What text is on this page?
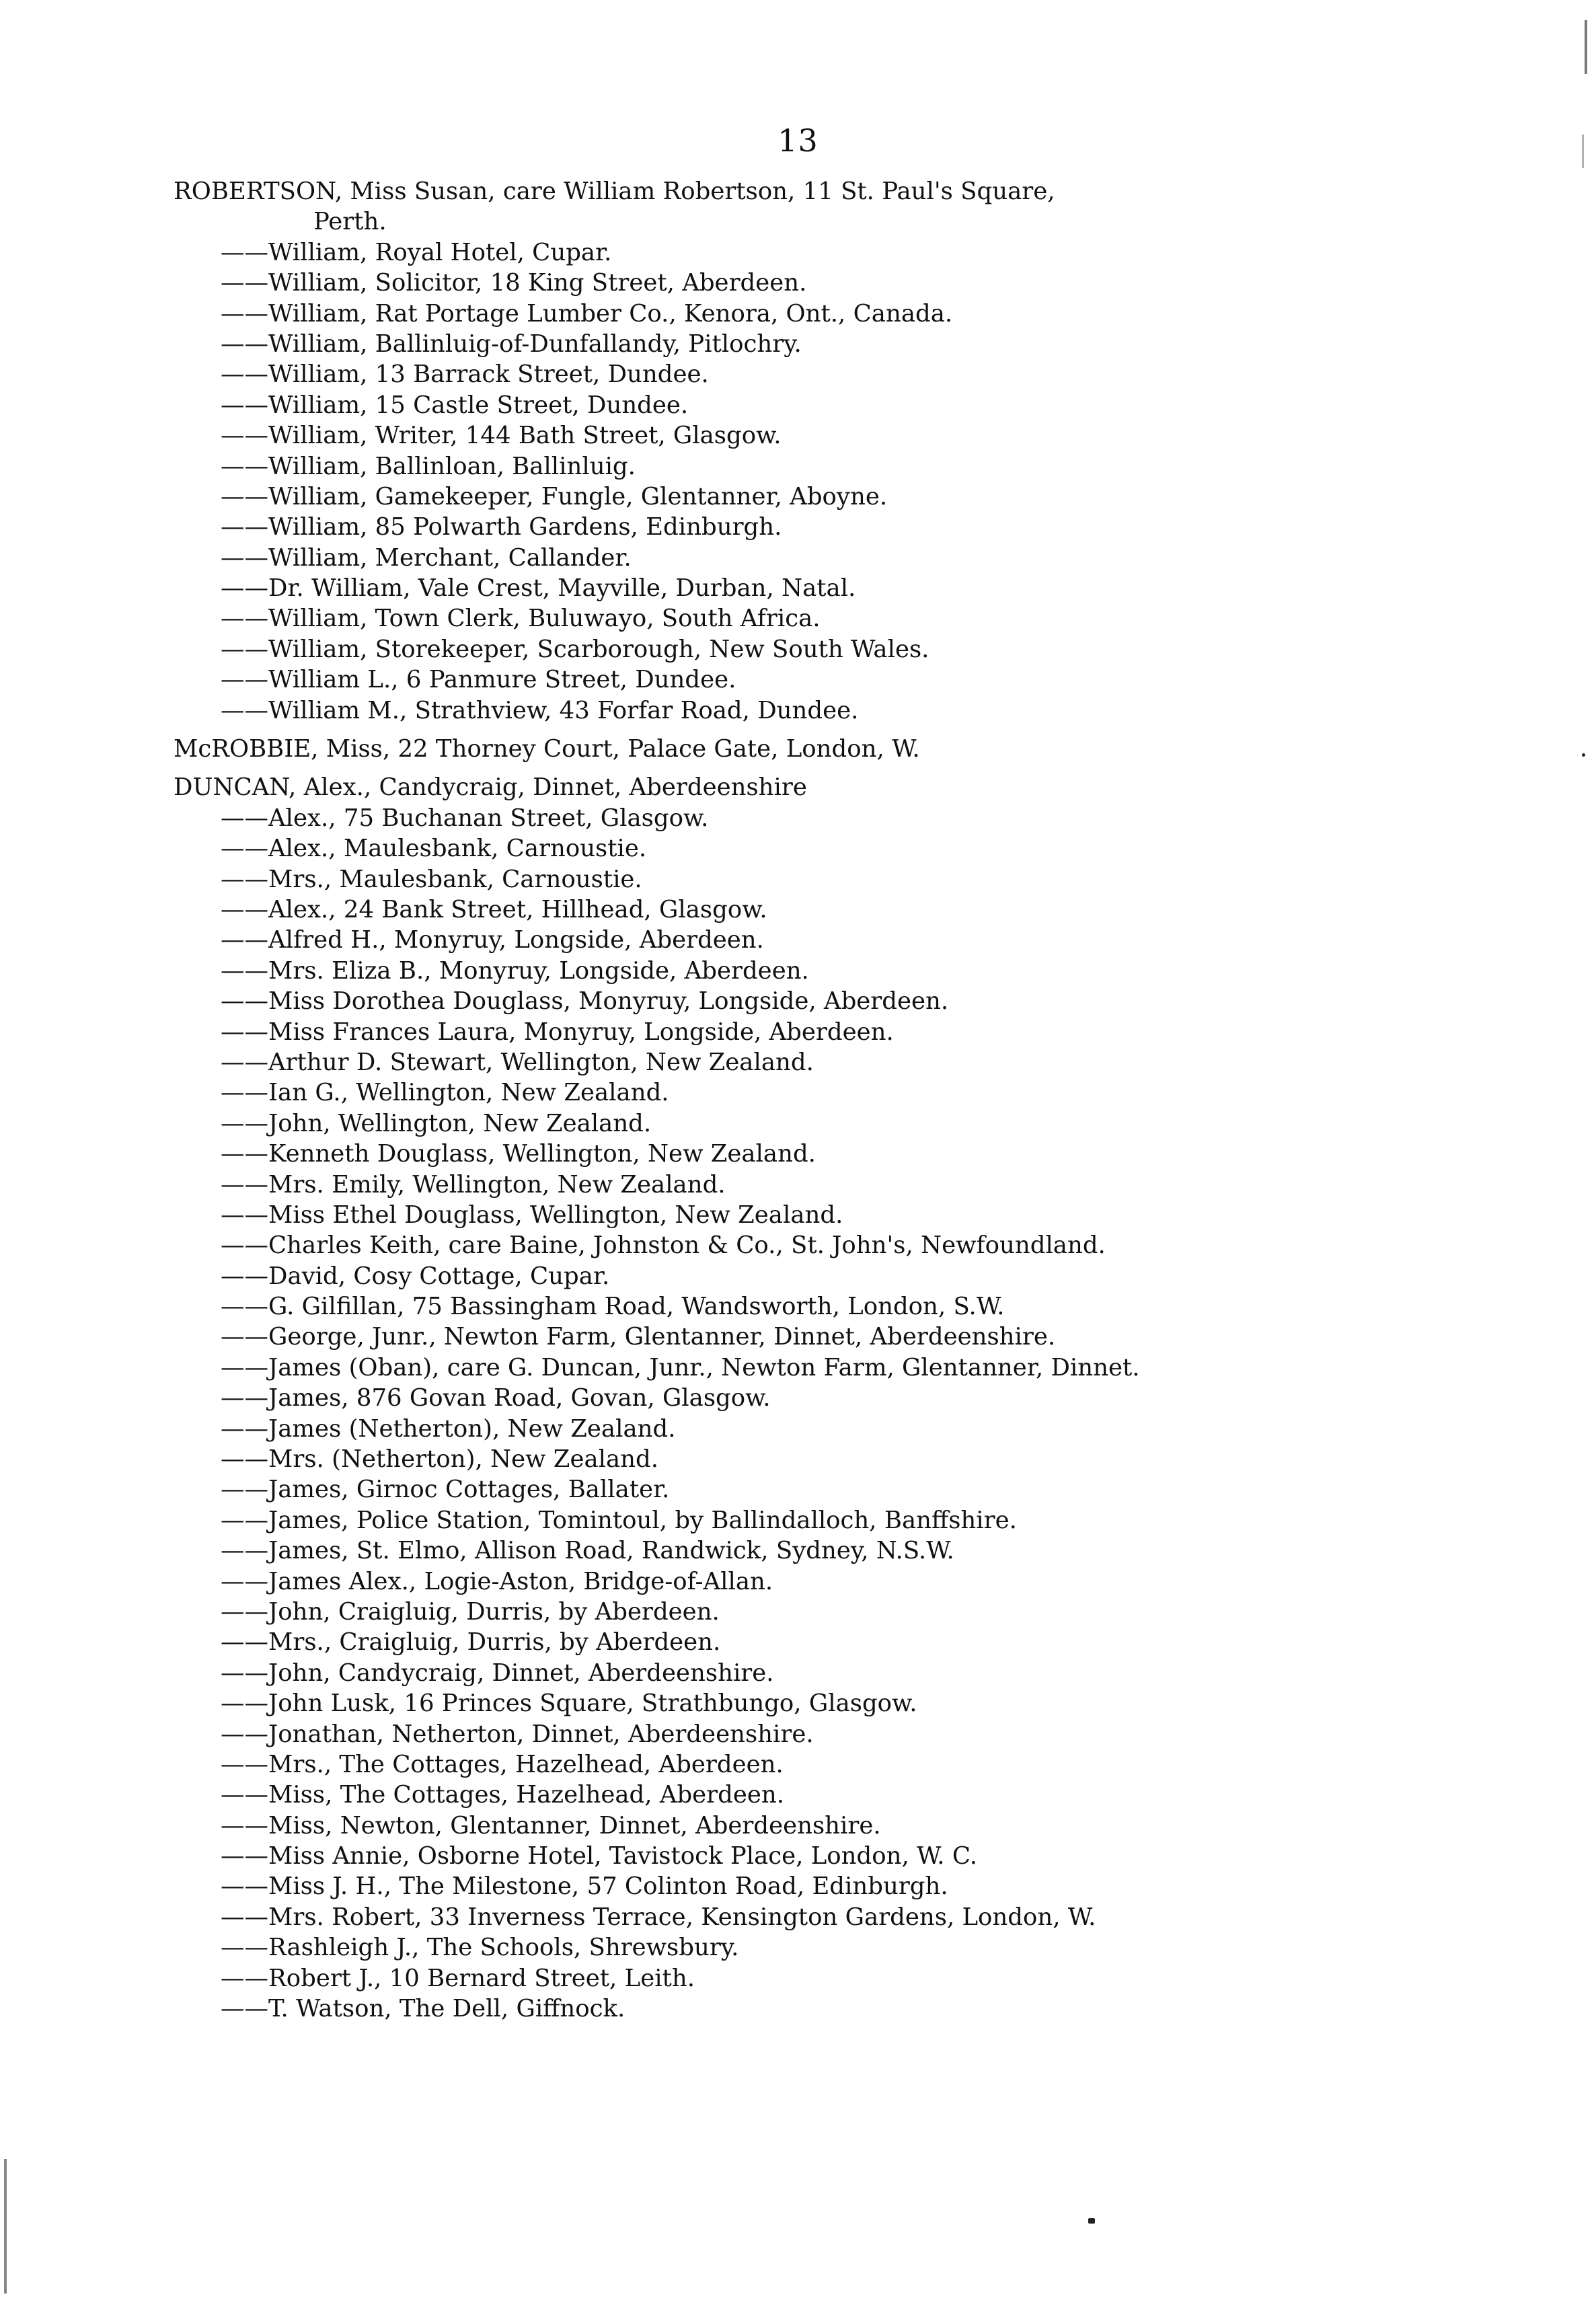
13
ROBERTSON, Miss Susan, care William Robertson, 11 St. Paul's Square,
Perth.
——William, Royal Hotel, Cupar.
——William, Solicitor, 18 King Street, Aberdeen.
——William, Rat Portage Lumber Co., Kenora, Ont., Canada.
——William, Ballinluig-of-Dunfallandy, Pitlochry.
——William, 13 Barrack Street, Dundee.
——William, 15 Castle Street, Dundee.
——William, Writer, 144 Bath Street, Glasgow.
——William, Ballinloan, Ballinluig.
——William, Gamekeeper, Fungle, Glentanner, Aboyne.
——William, 85 Polwarth Gardens, Edinburgh.
——William, Merchant, Callander.
——Dr. William, Vale Crest, Mayville, Durban, Natal.
——William, Town Clerk, Buluwayo, South Africa.
——William, Storekeeper, Scarborough, New South Wales.
——William L., 6 Panmure Street, Dundee.
——William M., Strathview, 43 Forfar Road, Dundee.
McROBBIE, Miss, 22 Thorney Court, Palace Gate, London, W.
DUNCAN, Alex., Candycraig, Dinnet, Aberdeenshire
——Alex., 75 Buchanan Street, Glasgow.
——Alex., Maulesbank, Carnoustie.
——Mrs., Maulesbank, Carnoustie.
——Alex., 24 Bank Street, Hillhead, Glasgow.
——Alfred H., Monyruy, Longside, Aberdeen.
——Mrs. Eliza B., Monyruy, Longside, Aberdeen.
——Miss Dorothea Douglass, Monyruy, Longside, Aberdeen.
——Miss Frances Laura, Monyruy, Longside, Aberdeen.
——Arthur D. Stewart, Wellington, New Zealand.
——Ian G., Wellington, New Zealand.
——John, Wellington, New Zealand.
——Kenneth Douglass, Wellington, New Zealand.
——Mrs. Emily, Wellington, New Zealand.
——Miss Ethel Douglass, Wellington, New Zealand.
——Charles Keith, care Baine, Johnston & Co., St. John's, Newfoundland.
——David, Cosy Cottage, Cupar.
——G. Gilfillan, 75 Bassingham Road, Wandsworth, London, S.W.
——George, Junr., Newton Farm, Glentanner, Dinnet, Aberdeenshire.
——James (Oban), care G. Duncan, Junr., Newton Farm, Glentanner, Dinnet.
——James, 876 Govan Road, Govan, Glasgow.
——James (Netherton), New Zealand.
——Mrs. (Netherton), New Zealand.
——James, Girnoc Cottages, Ballater.
——James, Police Station, Tomintoul, by Ballindalloch, Banffshire.
——James, St. Elmo, Allison Road, Randwick, Sydney, N.S.W.
——James Alex., Logie-Aston, Bridge-of-Allan.
——John, Craigluig, Durris, by Aberdeen.
——Mrs., Craigluig, Durris, by Aberdeen.
——John, Candycraig, Dinnet, Aberdeenshire.
——John Lusk, 16 Princes Square, Strathbungo, Glasgow.
——Jonathan, Netherton, Dinnet, Aberdeenshire.
——Mrs., The Cottages, Hazelhead, Aberdeen.
——Miss, The Cottages, Hazelhead, Aberdeen.
——Miss, Newton, Glentanner, Dinnet, Aberdeenshire.
——Miss Annie, Osborne Hotel, Tavistock Place, London, W. C.
——Miss J. H., The Milestone, 57 Colinton Road, Edinburgh.
——Mrs. Robert, 33 Inverness Terrace, Kensington Gardens, London, W.
——Rashleigh J., The Schools, Shrewsbury.
——Robert J., 10 Bernard Street, Leith.
——T. Watson, The Dell, Giffnock.
